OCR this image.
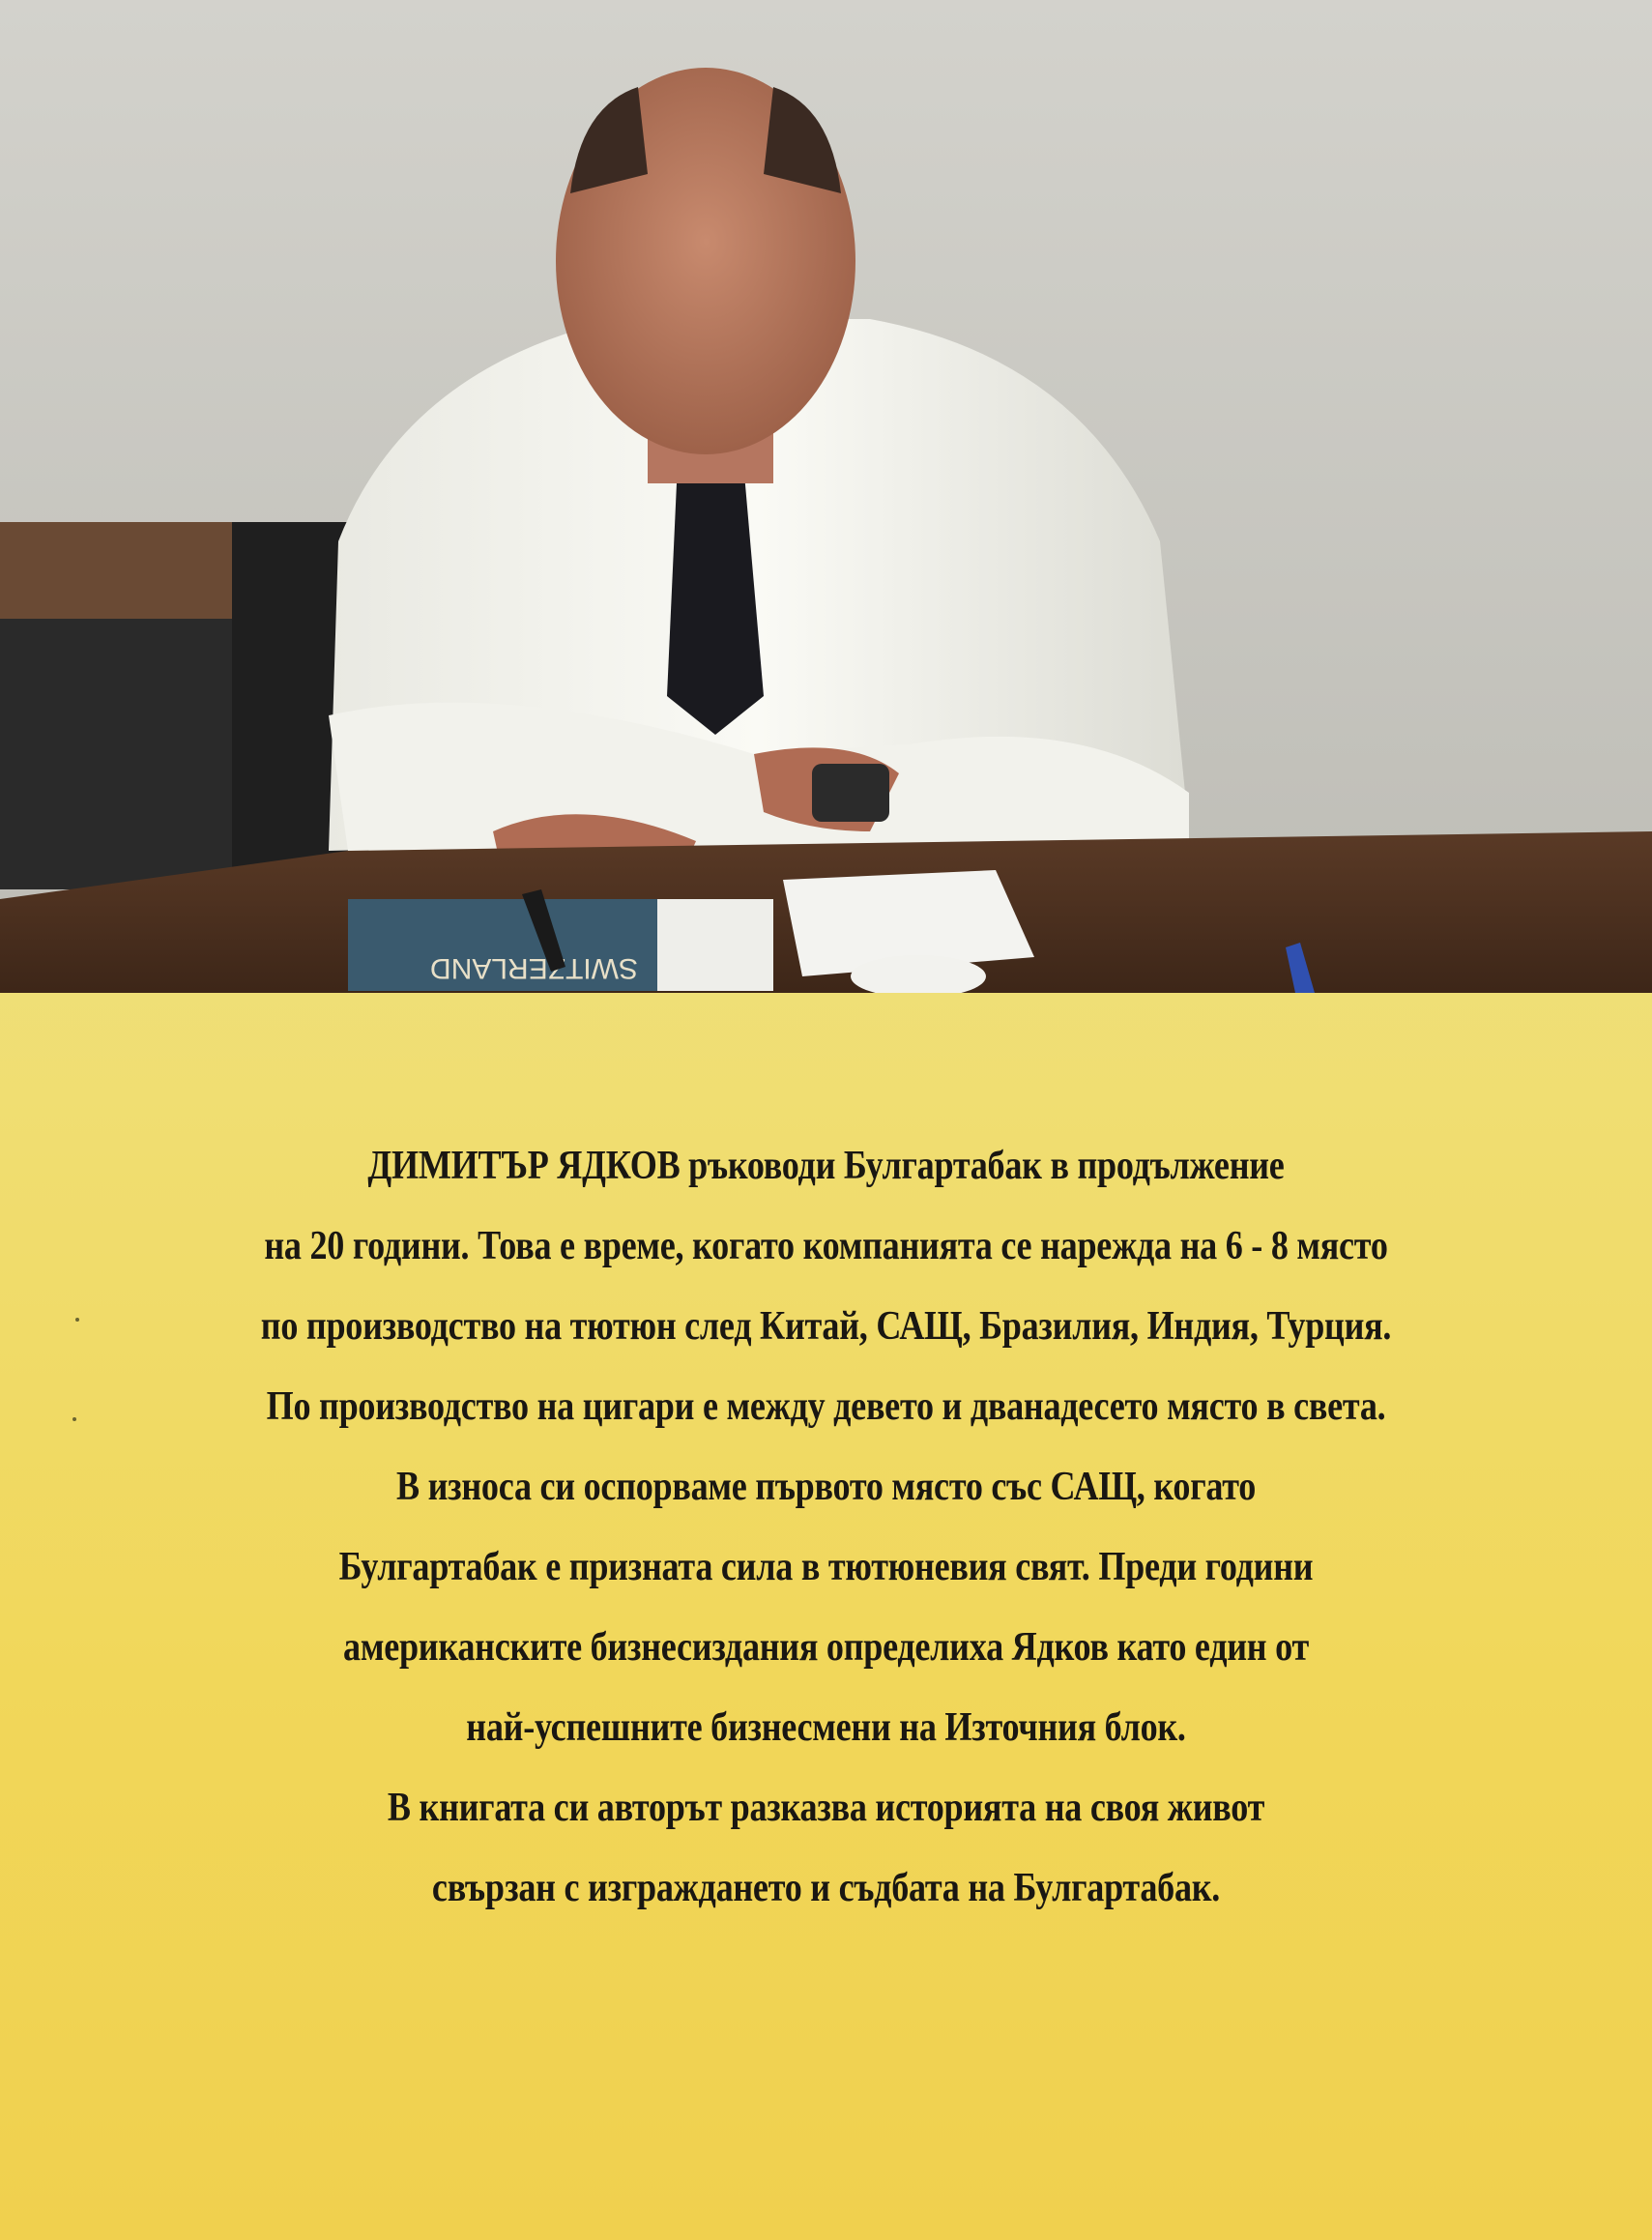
SWITZERLAND

ДИМИТЪР ЯДКОВ ръководи Булгартабак в продължение

на 20 години. Това е време, когато компанията се нарежда на 6 - 8 място

по производство на тютюн след Китай, САЩ, Бразилия, Индия, Турция.

По производство на цигари е между девето и дванадесето място в света.

В износа си оспорваме първото място със САЩ, когато

Булгартабак е призната сила в тютюневия свят. Преди години

американските бизнесиздания определиха Ядков като един от

най-успешните бизнесмени на Източния блок.

В книгата си авторът разказва историята на своя живот

свързан с изграждането и съдбата на Булгартабак.
